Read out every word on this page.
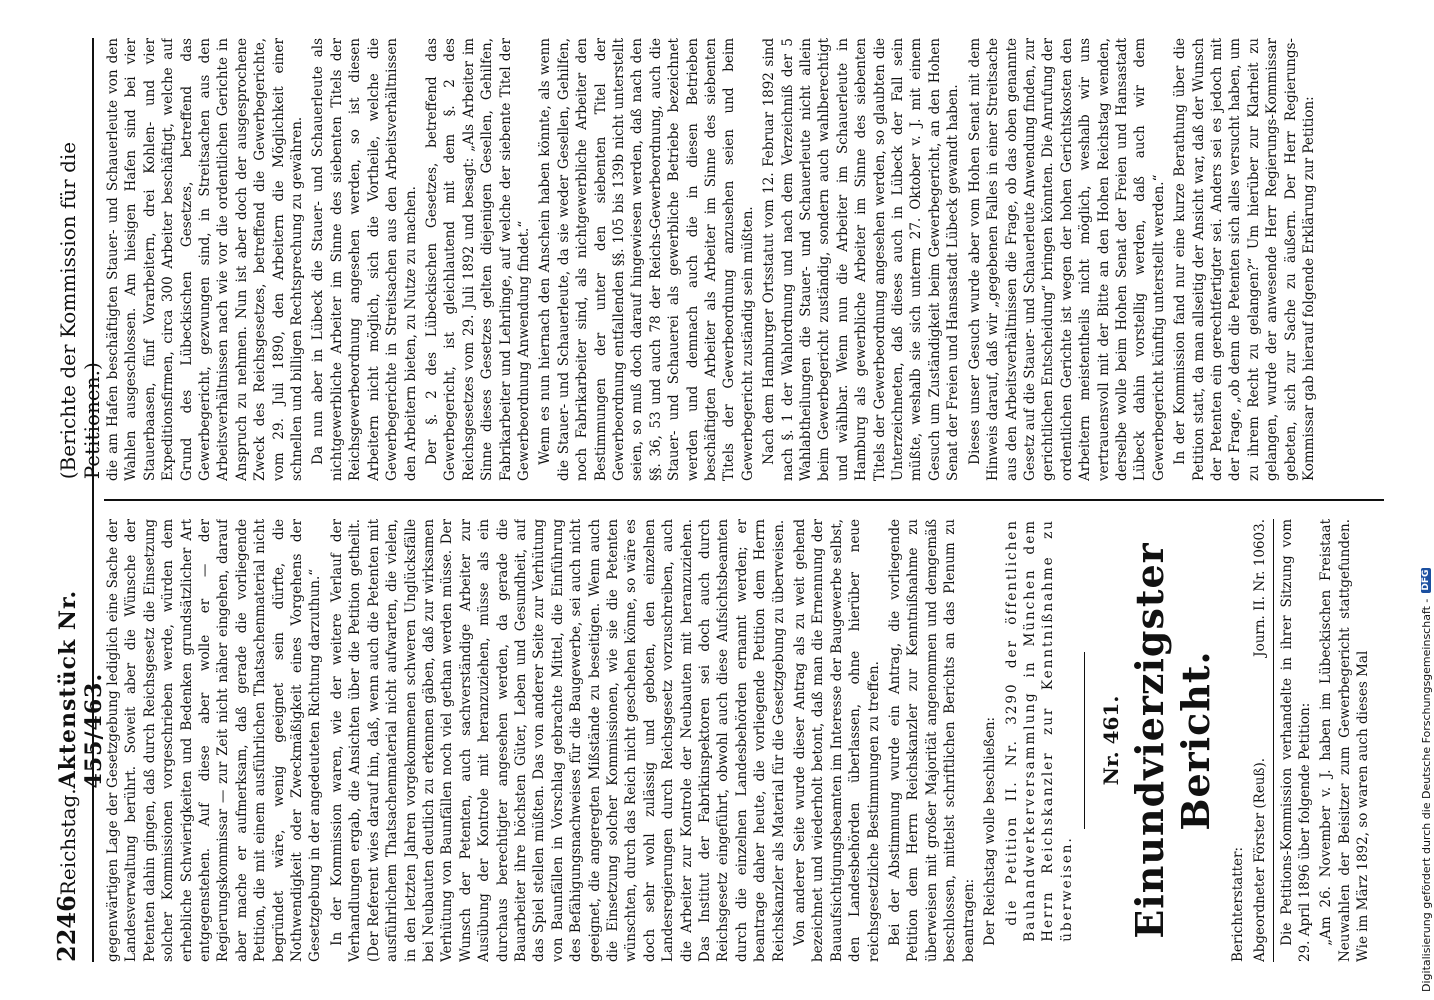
2246
Reichstag.
Aktenstück Nr. 455/463.
(Berichte der Kommission für die Petitionen.)

gegenwärtigen Lage der Gesetzgebung lediglich eine Sache der Landesverwaltung berührt. Soweit aber die Wünsche der Petenten dahin gingen, daß durch Reichsgesetz die Einsetzung solcher Kommissionen vorgeschrieben werde, würden dem erhebliche Schwierigkeiten und Bedenken grundsätzlicher Art entgegenstehen. Auf diese aber wolle er — der Regierungskommissar — zur Zeit nicht näher eingehen, darauf aber mache er aufmerksam, daß gerade die vorliegende Petition, die mit einem ausführlichen Thatsachenmaterial nicht begründet wäre, wenig geeignet sein dürfte, die Nothwendigkeit oder Zweckmäßigkeit eines Vorgehens der Gesetzgebung in der angedeuteten Richtung darzuthun.“ In der Kommission waren, wie der weitere Verlauf der Verhandlungen ergab, die Ansichten über die Petition getheilt. (Der Referent wies darauf hin, daß, wenn auch die Petenten mit ausführlichem Thatsachenmaterial nicht aufwarten, die vielen, in den letzten Jahren vorgekommenen schweren Unglücksfälle bei Neubauten deutlich zu erkennen gäben, daß zur wirksamen Verhütung von Baunfällen noch viel gethan werden müsse. Der Wunsch der Petenten, auch sachverständige Arbeiter zur Ausübung der Kontrole mit heranzuziehen, müsse als ein durchaus berechtigter angesehen werden, da gerade die Bauarbeiter ihre höchsten Güter, Leben und Gesundheit, auf das Spiel stellen müßten. Das von anderer Seite zur Verhütung von Baunfällen in Vorschlag gebrachte Mittel, die Einführung des Befähigungsnachweises für die Baugewerbe, sei auch nicht geeignet, die angeregten Mißstände zu beseitigen. Wenn auch die Einsetzung solcher Kommissionen, wie sie die Petenten wünschten, durch das Reich nicht geschehen könne, so wäre es doch sehr wohl zulässig und geboten, den einzelnen Landesregierungen durch Reichsgesetz vorzuschreiben, auch die Arbeiter zur Kontrole der Neubauten mit heranzuziehen. Das Institut der Fabrikinspektoren sei doch auch durch Reichsgesetz eingeführt, obwohl auch diese Aufsichtsbeamten durch die einzelnen Landesbehörden ernannt werden; er beantrage daher heute, die vorliegende Petition dem Herrn Reichskanzler als Material für die Gesetzgebung zu überweisen. Von anderer Seite wurde dieser Antrag als zu weit gehend bezeichnet und wiederholt betont, daß man die Ernennung der Bauaufsichtigungsbeamten im Interesse der Baugewerbe selbst, den Landesbehörden überlassen, ohne hierüber neue reichsgesetzliche Bestimmungen zu treffen. Bei der Abstimmung wurde ein Antrag, die vorliegende Petition dem Herrn Reichskanzler zur Kenntnißnahme zu überweisen mit großer Majorität angenommen und demgemäß beschlossen, mittelst schriftlichen Berichts an das Plenum zu beantragen: Der Reichstag wolle beschließen: die Petition II. Nr. 3290 der öffentlichen Bauhandwerkerversammlung in München dem Herrn Reichskanzler zur Kenntnißnahme zu überweisen.

Nr. 461. Einundvierzigster Bericht.

Berichterstatter: Abgeordneter Förster (Reuß).
Journ. II. Nr. 10603. Die Petitions-Kommission verhandelte in ihrer Sitzung vom 29. April 1896 über folgende Petition: „Am 26. November v. J. haben im Lübeckischen Freistaat Neuwahlen der Beisitzer zum Gewerbegericht stattgefunden. Wie im März 1892, so waren auch dieses Mal

die am Hafen beschäftigten Stauer- und Schauerleute von den Wahlen ausgeschlossen. Am hiesigen Hafen sind bei vier Stauerbaasen, fünf Vorarbeitern, drei Kohlen- und vier Expeditionsfirmen, circa 300 Arbeiter beschäftigt, welche auf Grund des Lübeckischen Gesetzes, betreffend das Gewerbegericht, gezwungen sind, in Streitsachen aus den Arbeitsverhältnissen nach wie vor die ordentlichen Gerichte in Anspruch zu nehmen. Nun ist aber doch der ausgesprochene Zweck des Reichsgesetzes, betreffend die Gewerbegerichte, vom 29. Juli 1890, den Arbeitern die Möglichkeit einer schnellen und billigen Rechtsprechung zu gewähren. Da nun aber in Lübeck die Stauer- und Schauerleute als nichtgewerbliche Arbeiter im Sinne des siebenten Titels der Reichsgewerbeordnung angesehen werden, so ist diesen Arbeitern nicht möglich, sich die Vortheile, welche die Gewerbegerichte in Streitsachen aus den Arbeitsverhältnissen den Arbeitern bieten, zu Nutze zu machen. Der §. 2 des Lübeckischen Gesetzes, betreffend das Gewerbegericht, ist gleichlautend mit dem §. 2 des Reichsgesetzes vom 29. Juli 1892 und besagt: „Als Arbeiter im Sinne dieses Gesetzes gelten diejenigen Gesellen, Gehilfen, Fabrikarbeiter und Lehrlinge, auf welche der siebente Titel der Gewerbeordnung Anwendung findet.“ Wenn es nun hiernach den Anschein haben könnte, als wenn die Stauer- und Schauerleute, da sie weder Gesellen, Gehilfen, noch Fabrikarbeiter sind, als nichtgewerbliche Arbeiter den Bestimmungen der unter den siebenten Titel der Gewerbeordnung entfallenden §§. 105 bis 139b nicht unterstellt seien, so muß doch darauf hingewiesen werden, daß nach den §§. 36, 53 und auch 78 der Reichs-Gewerbeordnung, auch die Stauer- und Schauerei als gewerbliche Betriebe bezeichnet werden und demnach auch die in diesen Betrieben beschäftigten Arbeiter als Arbeiter im Sinne des siebenten Titels der Gewerbeordnung anzusehen seien und beim Gewerbegericht zuständig sein müßten. Nach dem Hamburger Ortsstatut vom 12. Februar 1892 sind nach §. 1 der Wahlordnung und nach dem Verzeichniß der 5 Wahlabtheilungen die Stauer- und Schauerleute nicht allein beim Gewerbegericht zuständig, sondern auch wahlberechtigt und wählbar. Wenn nun die Arbeiter im Schauerleute in Hamburg als gewerbliche Arbeiter im Sinne des siebenten Titels der Gewerbeordnung angesehen werden, so glaubten die Unterzeichneten, daß dieses auch in Lübeck der Fall sein müßte, weshalb sie sich unterm 27. Oktober v. J. mit einem Gesuch um Zuständigkeit beim Gewerbegericht, an den Hohen Senat der Freien und Hansastadt Lübeck gewandt haben. Dieses unser Gesuch wurde aber vom Hohen Senat mit dem Hinweis darauf, daß wir „gegebenen Falles in einer Streitsache aus den Arbeitsverhältnissen die Frage, ob das oben genannte Gesetz auf die Stauer- und Schauerleute Anwendung finden, zur gerichtlichen Entscheidung“ bringen könnten. Die Anrufung der ordentlichen Gerichte ist wegen der hohen Gerichtskosten den Arbeitern meistentheils nicht möglich, weshalb wir uns vertrauensvoll mit der Bitte an den Hohen Reichstag wenden, derselbe wolle beim Hohen Senat der Freien und Hansastadt Lübeck dahin vorstellig werden, daß auch wir dem Gewerbegericht künftig unterstellt werden.“ In der Kommission fand nur eine kurze Berathung über die Petition statt, da man allseitig der Ansicht war, daß der Wunsch der Petenten ein gerechtfertigter sei. Anders sei es jedoch mit der Frage, „ob denn die Petenten sich alles versucht haben, um zu ihrem Recht zu gelangen?“ Um hierüber zur Klarheit zu gelangen, wurde der anwesende Herr Regierungs-Kommissar gebeten, sich zur Sache zu äußern. Der Herr Regierungs-Kommissar gab hierauf folgende Erklärung zur Petition:

Digitalisierung gefördert durch die Deutsche Forschungsgemeinschaft -
DFG
